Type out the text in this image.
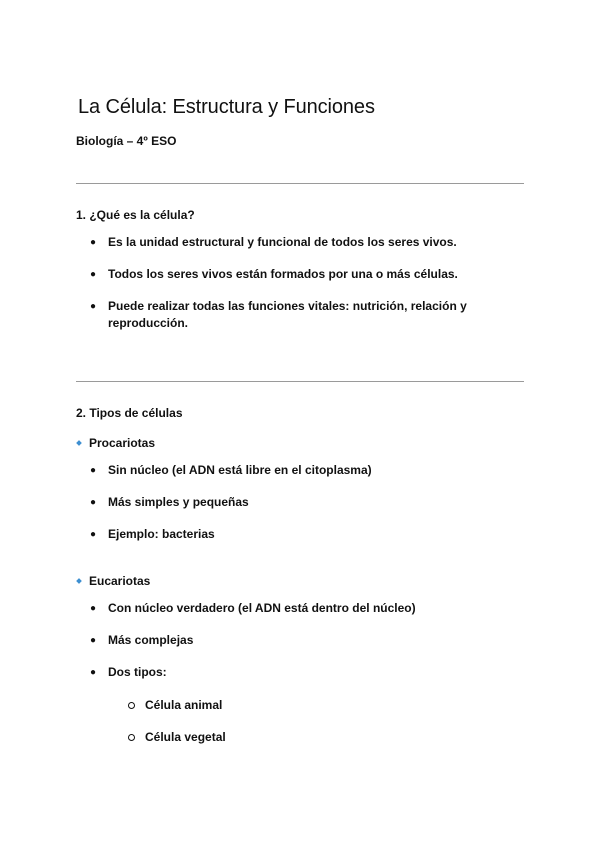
La Célula: Estructura y Funciones

Biología – 4º ESO

1. ¿Qué es la célula?

● Es la unidad estructural y funcional de todos los seres vivos.
● Todos los seres vivos están formados por una o más células.
● Puede realizar todas las funciones vitales: nutrición, relación y reproducción.

2. Tipos de células

Procariotas
● Sin núcleo (el ADN está libre en el citoplasma)
● Más simples y pequeñas
● Ejemplo: bacterias
Eucariotas
● Con núcleo verdadero (el ADN está dentro del núcleo)
● Más complejas
● Dos tipos:
Célula animal
Célula vegetal
